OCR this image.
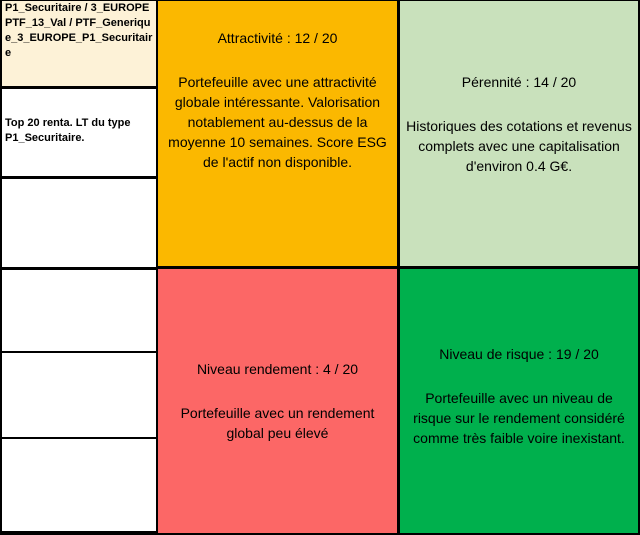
P1_Securitaire / 3_EUROPE PTF_13_Val / PTF_Generique_3_EUROPE_P1_Securitaire
Top 20 renta. LT du type P1_Securitaire.
Attractivité : 12 / 20
Portefeuille avec une attractivité globale intéressante. Valorisation notablement au-dessus de la moyenne 10 semaines. Score ESG de l'actif non disponible.
Pérennité : 14 / 20
Historiques des cotations et revenus complets avec une capitalisation d'environ 0.4 G€.
Niveau rendement : 4 / 20
Portefeuille avec un rendement global peu élevé
Niveau de risque : 19 / 20
Portefeuille avec un niveau de risque sur le rendement considéré comme très faible voire inexistant.
